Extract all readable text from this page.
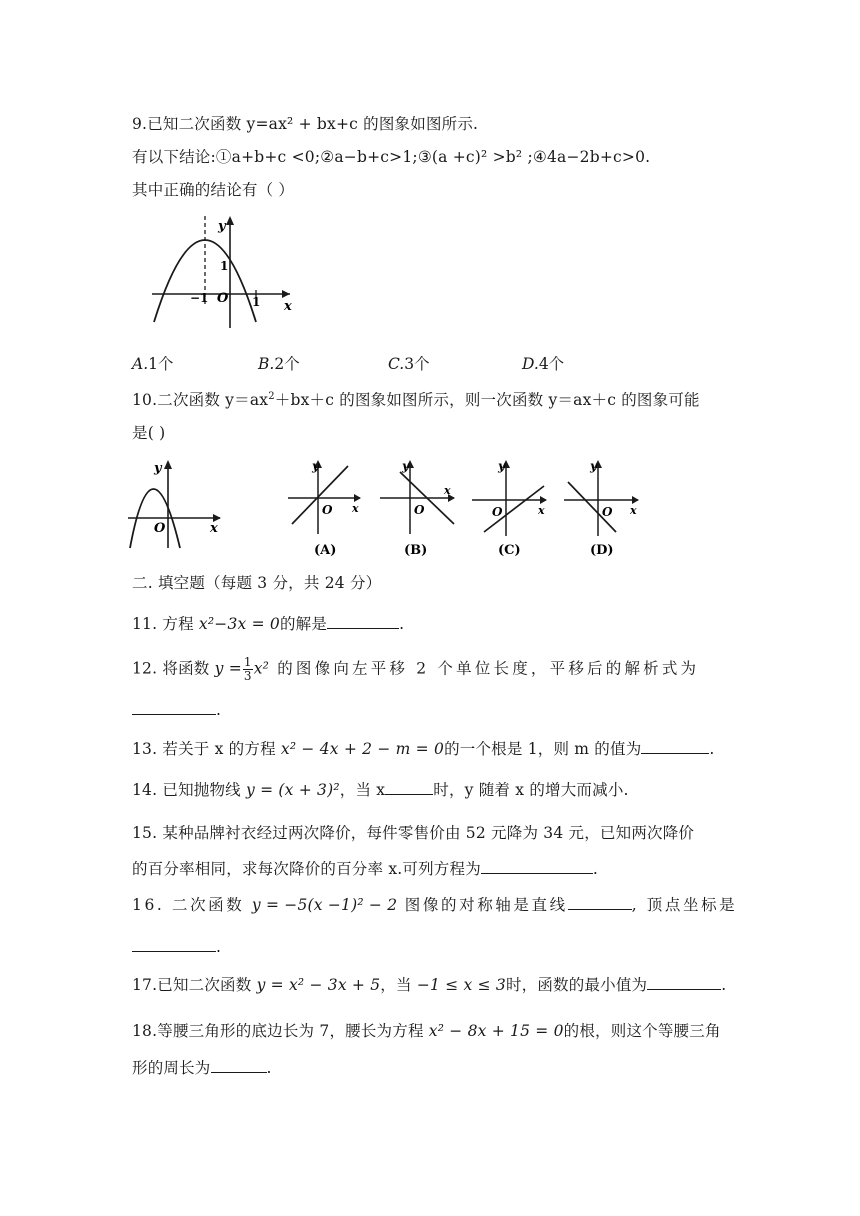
9.已知二次函数 y=ax² + bx+c 的图象如图所示.
有以下结论:①a+b+c <0;②a−b+c>1;③(a +c)² >b² ;④4a−2b+c>0.
其中正确的结论有（ ）
y
1
−1 O 1 x
A.1个	B.2个	C.3个	D.4个
10.二次函数 $y=ax^2+bx+c$ 的图象如图所示，则一次函数 y＝ax＋c 的图象可能
是( )
y
O	x
y
O x
(A)
y
O
x
(B)
y
O	x
(C)
y
O x
(D)
二. 填空题（每题 3 分，共 24 分）
11. 方程 x²−3x = 0的解是	.
12. 将函数 $y = \frac{1}{3} x^2$ 的图像向左平移 2 个单位长度，平移后的解析式为
.
13. 若关于 x 的方程 x² − 4x + 2 − m = 0的一个根是 1，则 m 的值为	.
14. 已知抛物线 y = (x + 3)²，当 x	时，y 随着 x 的增大而减小.
15. 某种品牌衬衣经过两次降价，每件零售价由 52 元降为 34 元，已知两次降价
的百分率相同，求每次降价的百分率 x.可列方程为	.
16. 二次函数 y = −5(x −1)² − 2 图像的对称轴是直线	, 顶点坐标是
.
17.已知二次函数 y = x² − 3x + 5，当 −1 ≤ x ≤ 3时，函数的最小值为	.
18.等腰三角形的底边长为 7，腰长为方程 x² − 8x + 15 = 0的根，则这个等腰三角
形的周长为	.
